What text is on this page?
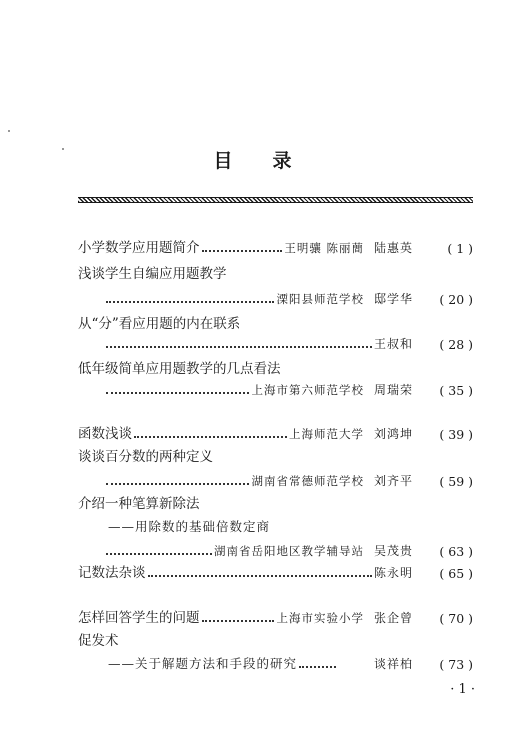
目 录
小学数学应用题简介	王明骧 陈丽蕳 陆惠英	( 1 )
浅谈学生自编应用题教学
溧阳县师范学校 邸学华	( 20 )
从“分”看应用题的内在联系
王叔和	( 28 )
低年级简单应用题教学的几点看法
上海市第六师范学校 周瑞荣	( 35 )
函数浅谈	上海师范大学 刘鸿坤	( 39 )
谈谈百分数的两种定义
湖南省常德师范学校 刘齐平	( 59 )
介绍一种笔算新除法
——用除数的基础倍数定商
湖南省岳阳地区教学辅导站 吴茂贵	( 63 )
记数法杂谈	陈永明	( 65 )
怎样回答学生的问题	上海市实验小学 张企曾	( 70 )
促发术
——关于解题方法和手段的研究	谈祥柏	( 73 )
· 1 ·
